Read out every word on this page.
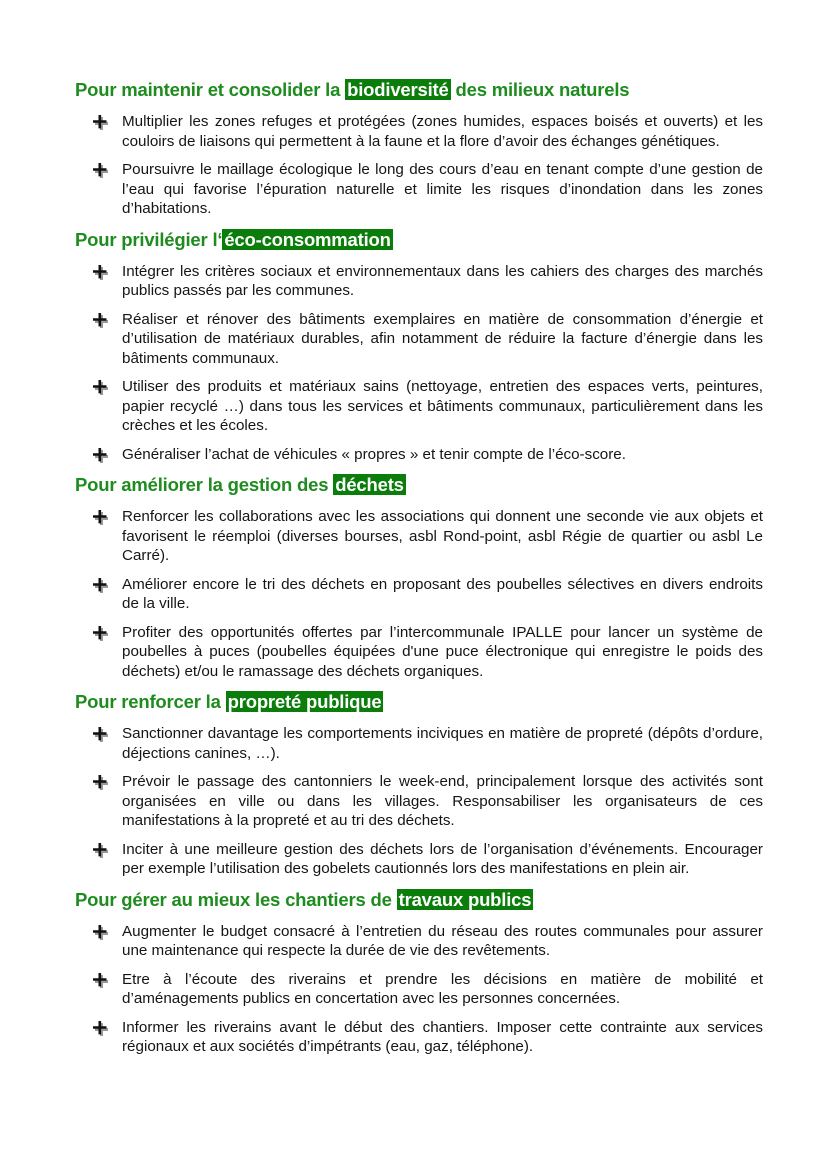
Pour maintenir et consolider la biodiversité des milieux naturels
Multiplier les zones refuges et protégées (zones humides, espaces boisés et ouverts) et les couloirs de liaisons qui permettent à la faune et la flore d’avoir des échanges génétiques.
Poursuivre le maillage écologique le long des cours d’eau en tenant compte d’une gestion de l’eau qui favorise l’épuration naturelle et limite les risques d’inondation dans les zones d’habitations.
Pour privilégier l‘ éco-consommation
Intégrer les critères sociaux et environnementaux dans les cahiers des charges des marchés publics passés par les communes.
Réaliser et rénover des bâtiments exemplaires en matière de consommation d’énergie et d’utilisation de matériaux durables, afin notamment de réduire la facture d’énergie dans les bâtiments communaux.
Utiliser des produits et matériaux sains (nettoyage, entretien des espaces verts, peintures, papier recyclé …) dans tous les services et bâtiments communaux, particulièrement dans les crèches et les écoles.
Généraliser l’achat de véhicules « propres » et tenir compte de l’éco-score.
Pour améliorer la gestion des déchets
Renforcer les collaborations avec les associations qui donnent une seconde vie aux objets et favorisent le réemploi (diverses bourses, asbl Rond-point, asbl Régie de quartier ou asbl Le Carré).
Améliorer encore le tri des déchets en proposant des poubelles sélectives en divers endroits de la ville.
Profiter des opportunités offertes par l’intercommunale IPALLE pour lancer un système de poubelles à puces (poubelles équipées d'une puce électronique qui enregistre le poids des déchets) et/ou le ramassage des déchets organiques.
Pour renforcer la propreté publique
Sanctionner davantage les comportements inciviques en matière de propreté (dépôts d’ordure, déjections canines, …).
Prévoir le passage des cantonniers le week-end, principalement lorsque des activités sont organisées en ville ou dans les villages. Responsabiliser les organisateurs de ces manifestations à la propreté et au tri des déchets.
Inciter à une meilleure gestion des déchets lors de l’organisation d’événements. Encourager per exemple l’utilisation des gobelets cautionnés lors des manifestations en plein air.
Pour gérer au mieux les chantiers de travaux publics
Augmenter le budget consacré à l’entretien du réseau des routes communales pour assurer une maintenance qui respecte la durée de vie des revêtements.
Etre à l’écoute des riverains et prendre les décisions en matière de mobilité et d’aménagements publics en concertation avec les personnes concernées.
Informer les riverains avant le début des chantiers. Imposer cette contrainte aux services régionaux et aux sociétés d’impétrants (eau, gaz, téléphone).
